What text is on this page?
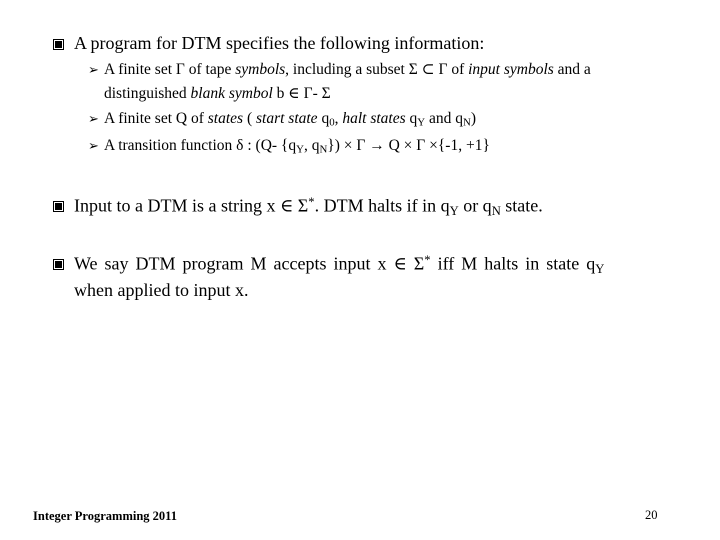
A program for DTM specifies the following information:
➢ A finite set Γ of tape symbols, including a subset Σ ⊂ Γ of input symbols and a
distinguished blank symbol b ∈ Γ- Σ
➢ A finite set Q of states ( start state $q_0$, halt states $q_Y$ and $q_N$)
➢ A transition function δ : (Q- {$q_Y$, $q_N\}) \times \Gamma \to Q \times \Gamma \times\{-1$, +1}
Input to a DTM is a string x ∈ Σ*. DTM halts if in $q_Y$ or $q_N$ state.
We say DTM program M accepts input x ∈ Σ* iff M halts in state $q_Y$
when applied to input x.
Integer Programming 2011	20
